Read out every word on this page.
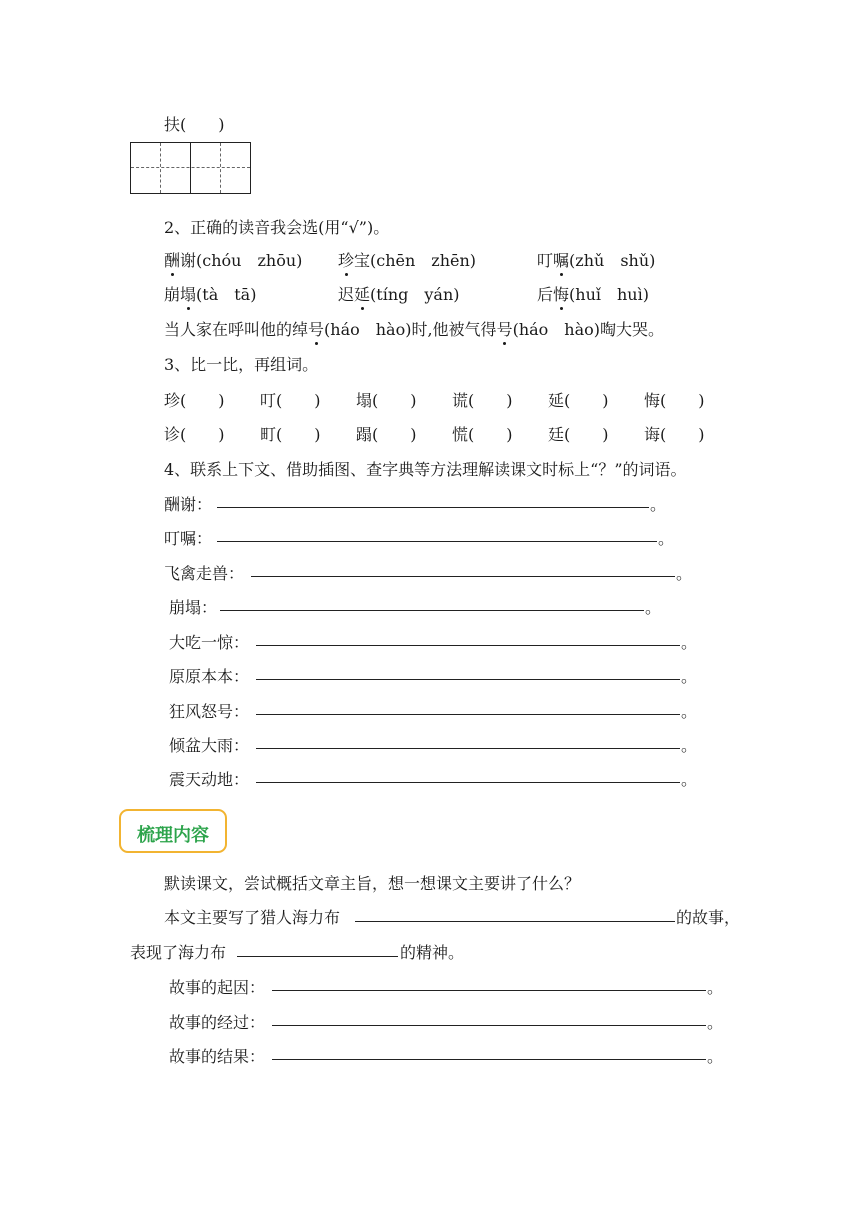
扶(　　)
2、正确的读音我会选(用“√”)。
酬谢(chóu　zhōu) 珍宝(chēn　zhēn)	叮嘱(zhǔ　shǔ)
崩塌(tà　tā)	迟延(tíng　yán)	后悔(huǐ　huì)
当人家在呼叫他的绰号(háo　hào)时,他被气得号(háo　hào)啕大哭。
3、比一比，再组词。
珍(　　) 叮(　　) 塌(　　) 谎(　　) 延(　　) 悔(　　)
诊(　　) 町(　　) 蹋(　　) 慌(　　) 廷(　　) 诲(　　)
4、联系上下文、借助插图、查字典等方法理解读课文时标上“？”的词语。
酬谢：	。
叮嘱：	。
飞禽走兽：	。
崩塌：	。
大吃一惊：	。
原原本本：	。
狂风怒号：	。
倾盆大雨：	。
震天动地：	。
梳理内容
默读课文，尝试概括文章主旨，想一想课文主要讲了什么？
本文主要写了猎人海力布	的故事，
表现了海力布	的精神。
故事的起因：	。
故事的经过：	。
故事的结果：	。
